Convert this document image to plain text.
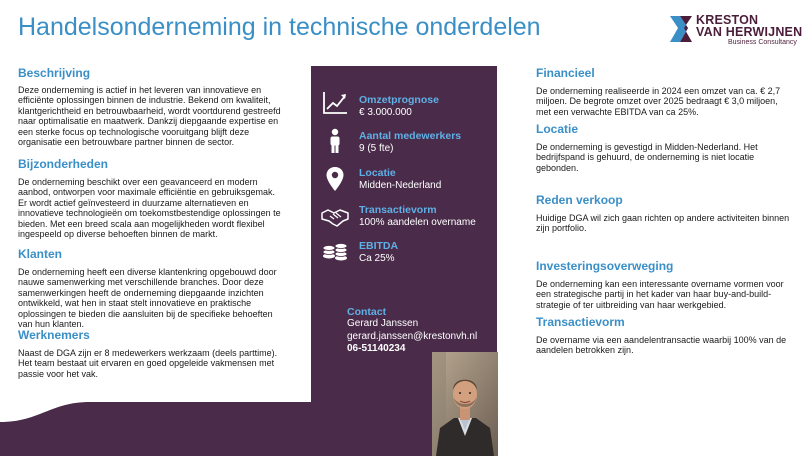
Handelsonderneming in technische onderdelen	KRESTON
VAN HERWIJNEN
Business Consultancy
Beschrijving

Deze onderneming is actief in het leveren van innovatieve en efficiënte oplossingen binnen de industrie. Bekend om kwaliteit, klantgerichtheid en betrouwbaarheid, wordt voortdurend gestreefd naar optimalisatie en maatwerk. Dankzij diepgaande expertise en een sterke focus op technologische vooruitgang blijft deze organisatie een betrouwbare partner binnen de sector.

Bijzonderheden

De onderneming beschikt over een geavanceerd en modern aanbod, ontworpen voor maximale efficiëntie en gebruiksgemak. Er wordt actief geïnvesteerd in duurzame alternatieven en innovatieve technologieën om toekomstbestendige oplossingen te bieden. Met een breed scala aan mogelijkheden wordt flexibel ingespeeld op diverse behoeften binnen de markt.

Klanten

De onderneming heeft een diverse klantenkring opgebouwd door nauwe samenwerking met verschillende branches. Door deze samenwerkingen heeft de onderneming diepgaande inzichten ontwikkeld, wat hen in staat stelt innovatieve en praktische oplossingen te bieden die aansluiten bij de specifieke behoeften van hun klanten.

Werknemers

Naast de DGA zijn er 8 medewerkers werkzaam (deels parttime). Het team bestaat uit ervaren en goed opgeleide vakmensen met passie voor het vak.

Omzetprognose
€ 3.000.000
Aantal medewerkers
9 (5 fte)
Locatie
Midden-Nederland
Transactievorm
100% aandelen overname
EBITDA
Ca 25%
Contact
Gerard Janssen
gerard.janssen@krestonvh.nl
06-51140234
Financieel

De onderneming realiseerde in 2024 een omzet van ca. € 2,7 miljoen. De begrote omzet over 2025 bedraagt € 3,0 miljoen, met een verwachte EBITDA van ca 25%.

Locatie

De onderneming is gevestigd in Midden-Nederland. Het bedrijfspand is gehuurd, de onderneming is niet locatie gebonden.

Reden verkoop

Huidige DGA wil zich gaan richten op andere activiteiten binnen zijn portfolio.

Investeringsoverweging

De onderneming kan een interessante overname vormen voor een strategische partij in het kader van haar buy-and-build-strategie of ter uitbreiding van haar werkgebied.

Transactievorm

De overname via een aandelentransactie waarbij 100% van de aandelen betrokken zijn.
